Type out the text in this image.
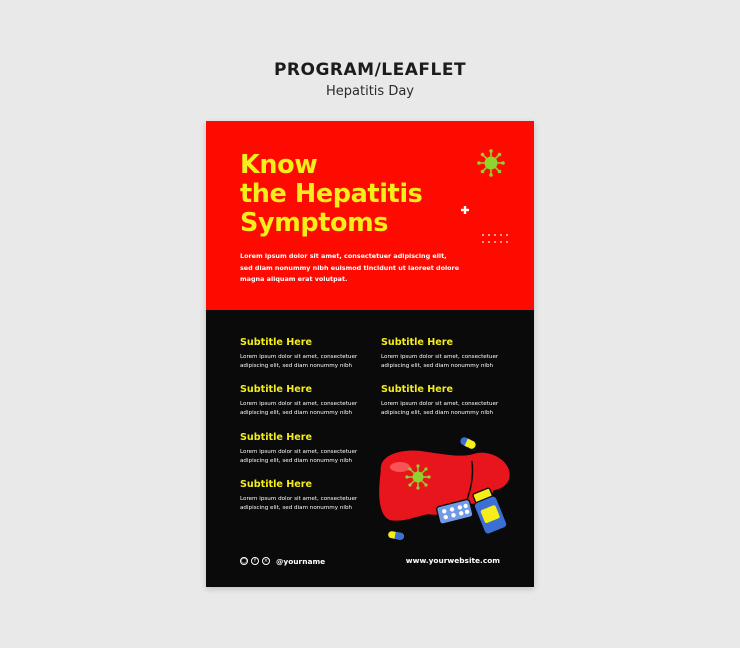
PROGRAM/LEAFLET
Hepatitis Day
Know
the Hepatitis
Symptoms
Lorem ipsum dolor sit amet, consectetuer adipiscing elit, sed diam nonummy nibh euismod tincidunt ut laoreet dolore magna aliquam erat volutpat.
Subtitle Here
Lorem ipsum dolor sit amet, consectetuer adipiscing elit, sed diam nonummy nibh
Subtitle Here
Lorem ipsum dolor sit amet, consectetuer adipiscing elit, sed diam nonummy nibh
Subtitle Here
Lorem ipsum dolor sit amet, consectetuer adipiscing elit, sed diam nonummy nibh
Subtitle Here
Lorem ipsum dolor sit amet, consectetuer adipiscing elit, sed diam nonummy nibh
Subtitle Here
Lorem ipsum dolor sit amet, consectetuer adipiscing elit, sed diam nonummy nibh
Subtitle Here
Lorem ipsum dolor sit amet, consectetuer adipiscing elit, sed diam nonummy nibh
◯	f	× @yourname	www.yourwebsite.com
